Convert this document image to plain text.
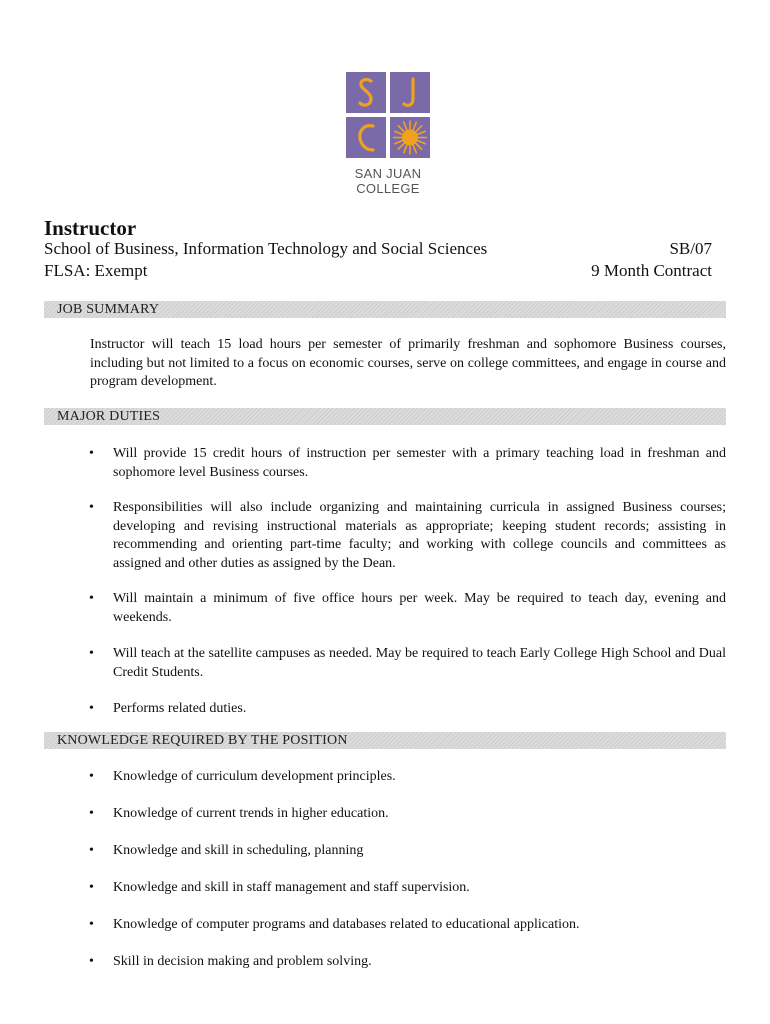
SAN JUAN COLLEGE
Instructor
School of Business, Information Technology and Social Sciences	SB/07
FLSA: Exempt	9 Month Contract
JOB SUMMARY
Instructor will teach 15 load hours per semester of primarily freshman and sophomore Business courses, including but not limited to a focus on economic courses, serve on college committees, and engage in course and program development.
MAJOR DUTIES
• Will provide 15 credit hours of instruction per semester with a primary teaching load in freshman and sophomore level Business courses.
• Responsibilities will also include organizing and maintaining curricula in assigned Business courses; developing and revising instructional materials as appropriate; keeping student records; assisting in recommending and orienting part-time faculty; and working with college councils and committees as assigned and other duties as assigned by the Dean.
• Will maintain a minimum of five office hours per week. May be required to teach day, evening and weekends.
• Will teach at the satellite campuses as needed. May be required to teach Early College High School and Dual Credit Students.
• Performs related duties.
KNOWLEDGE REQUIRED BY THE POSITION
• Knowledge of curriculum development principles.
• Knowledge of current trends in higher education.
• Knowledge and skill in scheduling, planning
• Knowledge and skill in staff management and staff supervision.
• Knowledge of computer programs and databases related to educational application.
• Skill in decision making and problem solving.
